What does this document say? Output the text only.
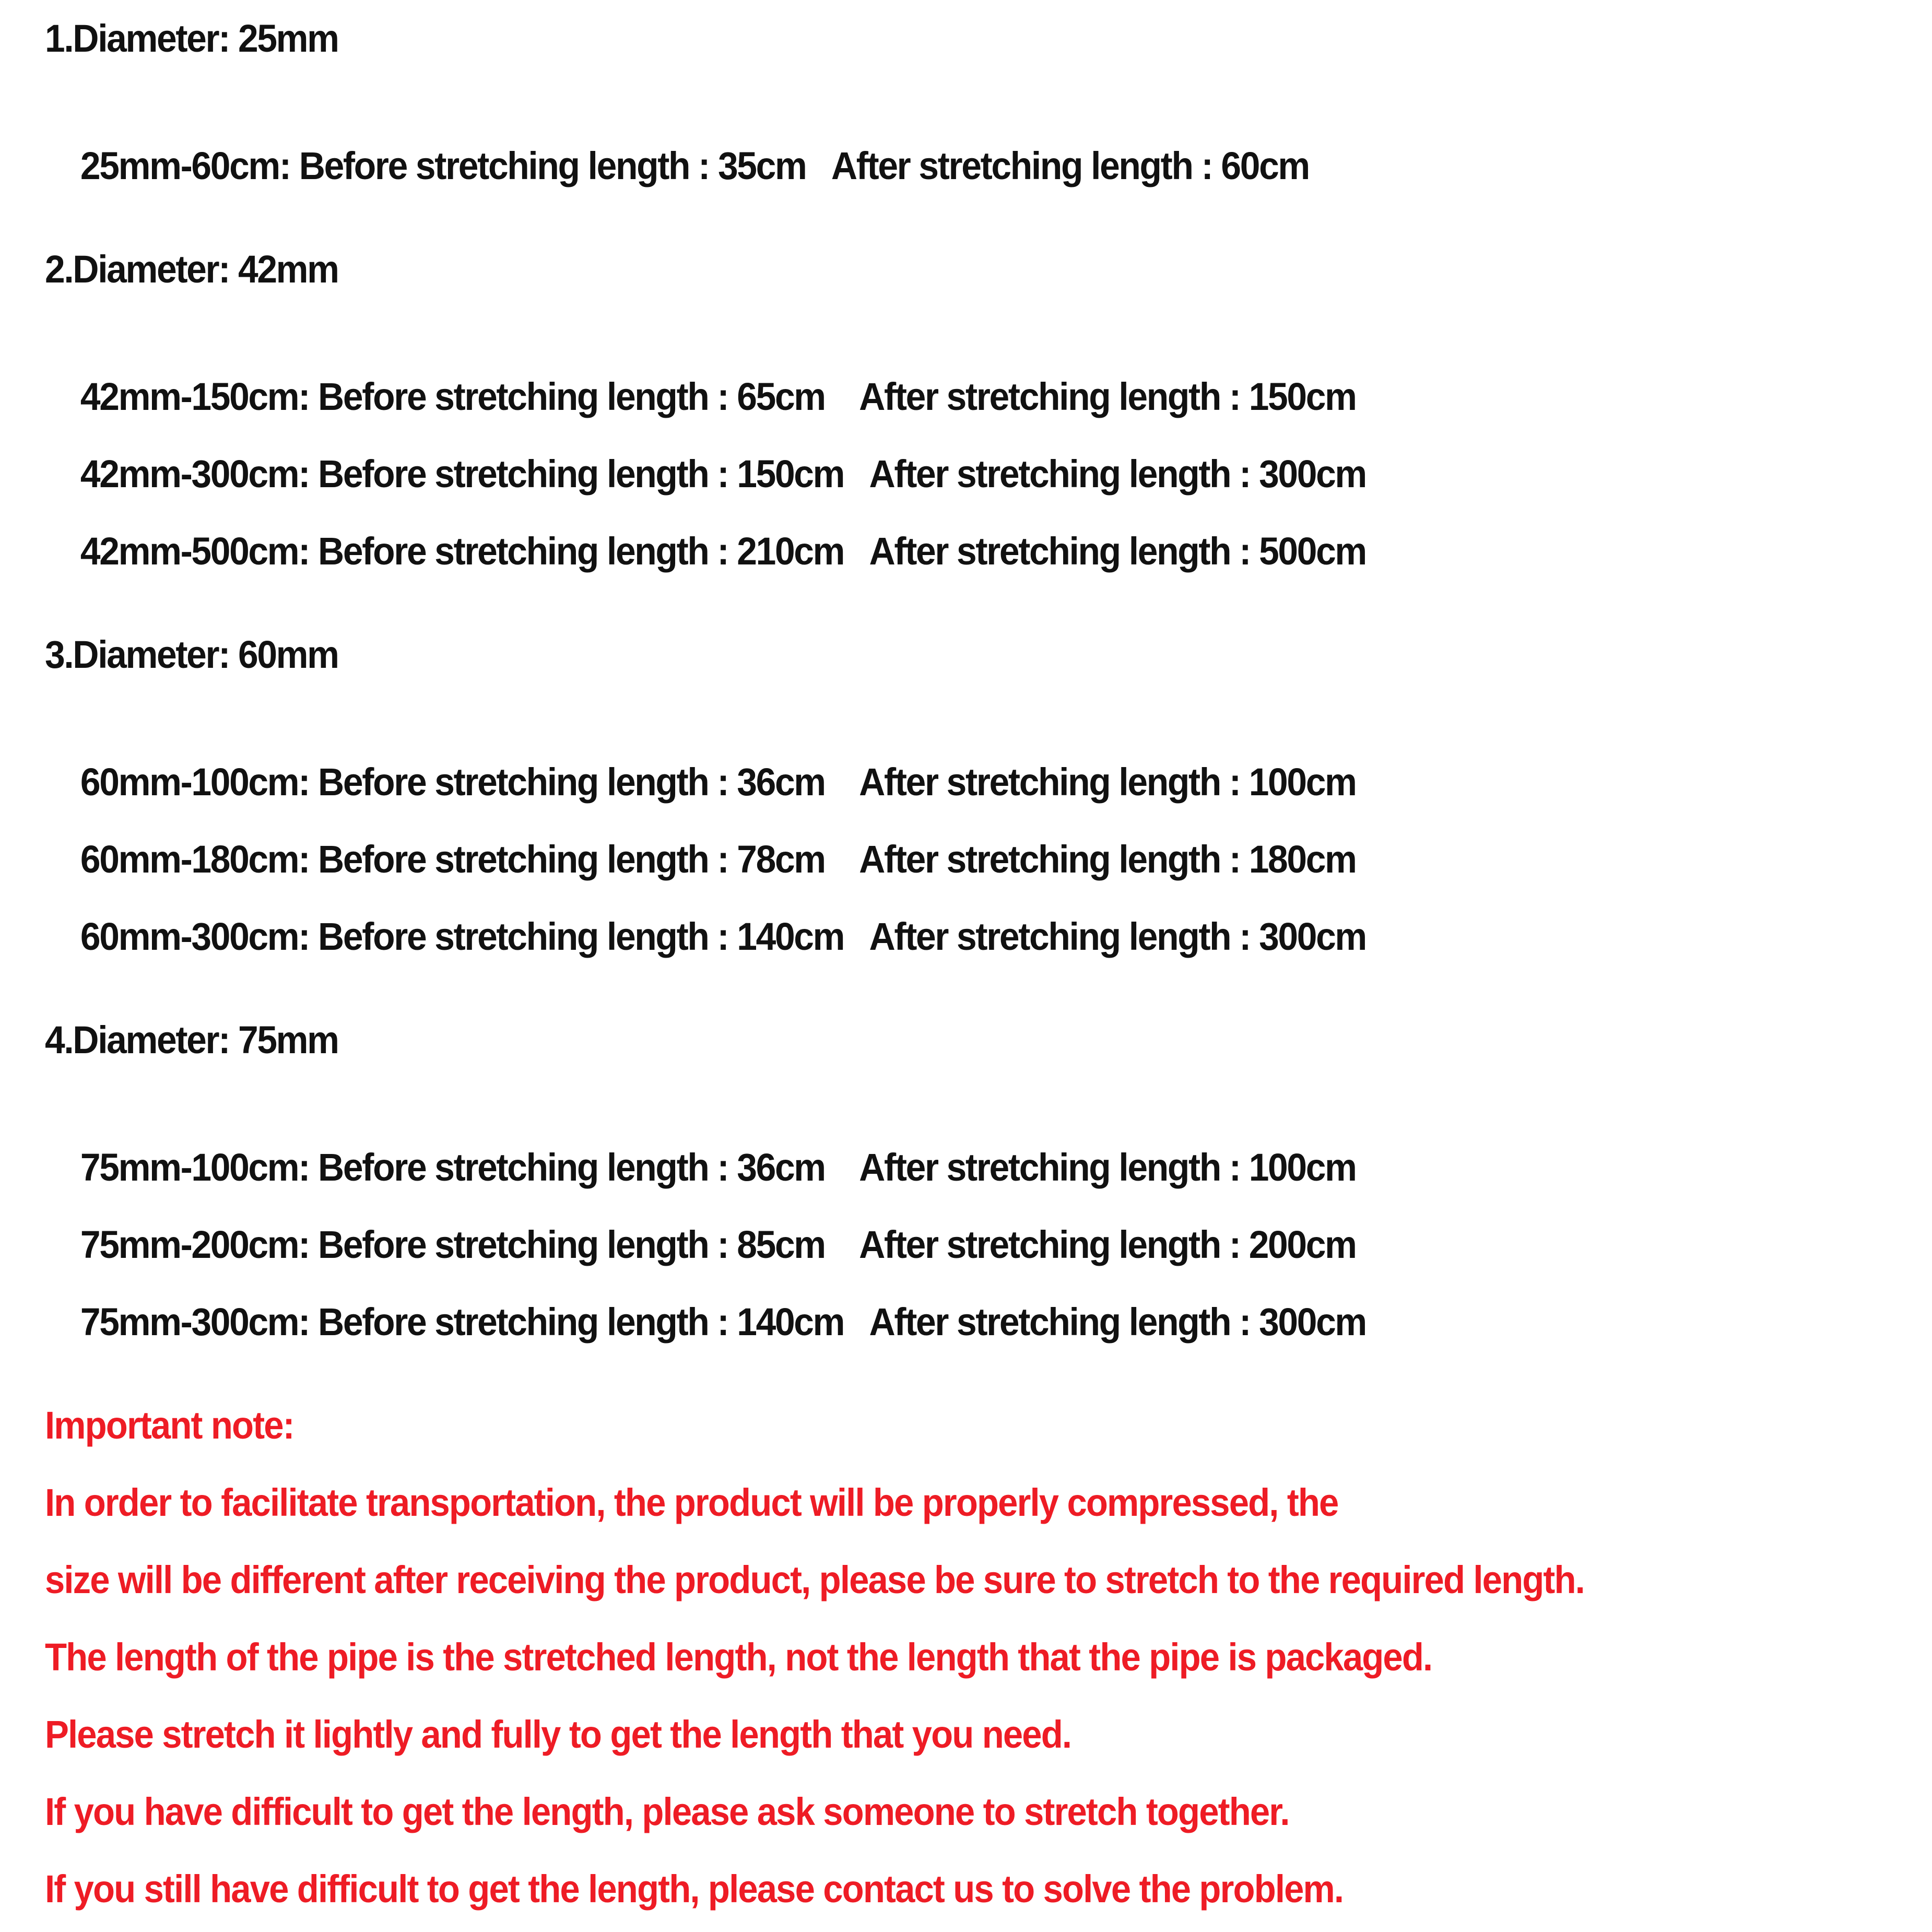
1.Diameter: 25mm

25mm-60cm: Before stretching length : 35cm After stretching length : 60cm

2.Diameter: 42mm

42mm-150cm: Before stretching length : 65cm After stretching length : 150cm

42mm-300cm: Before stretching length : 150cm After stretching length : 300cm

42mm-500cm: Before stretching length : 210cm After stretching length : 500cm

3.Diameter: 60mm

60mm-100cm: Before stretching length : 36cm After stretching length : 100cm

60mm-180cm: Before stretching length : 78cm After stretching length : 180cm

60mm-300cm: Before stretching length : 140cm After stretching length : 300cm

4.Diameter: 75mm

75mm-100cm: Before stretching length : 36cm After stretching length : 100cm

75mm-200cm: Before stretching length : 85cm After stretching length : 200cm

75mm-300cm: Before stretching length : 140cm After stretching length : 300cm

Important note:
In order to facilitate transportation, the product will be properly compressed, the
size will be different after receiving the product, please be sure to stretch to the required length.
The length of the pipe is the stretched length, not the length that the pipe is packaged.
Please stretch it lightly and fully to get the length that you need.
If you have difficult to get the length, please ask someone to stretch together.
If you still have difficult to get the length, please contact us to solve the problem.
